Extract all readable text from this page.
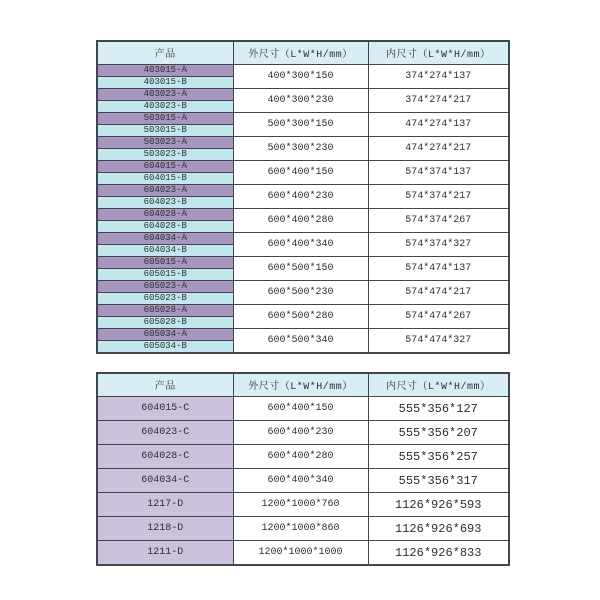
产品	外尺寸（L*W*H/mm）	内尺寸（L*W*H/mm）
403015-A	400*300*150	374*274*137
403015-B		
403023-A	400*300*230	374*274*217
403023-B		
503015-A	500*300*150	474*274*137
503015-B		
503023-A	500*300*230	474*274*217
503023-B		
604015-A	600*400*150	574*374*137
604015-B		
604023-A	600*400*230	574*374*217
604023-B		
604028-A	600*400*280	574*374*267
604028-B		
604034-A	600*400*340	574*374*327
604034-B		
605015-A	600*500*150	574*474*137
605015-B		
605023-A	600*500*230	574*474*217
605023-B		
605028-A	600*500*280	574*474*267
605028-B		
605034-A	600*500*340	574*474*327
605034-B		
产品	外尺寸（L*W*H/mm）	内尺寸（L*W*H/mm）
604015-C	600*400*150	555*356*127
604023-C	600*400*230	555*356*207
604028-C	600*400*280	555*356*257
604034-C	600*400*340	555*356*317
1217-D	1200*1000*760	1126*926*593
1218-D	1200*1000*860	1126*926*693
1211-D	1200*1000*1000	1126*926*833
